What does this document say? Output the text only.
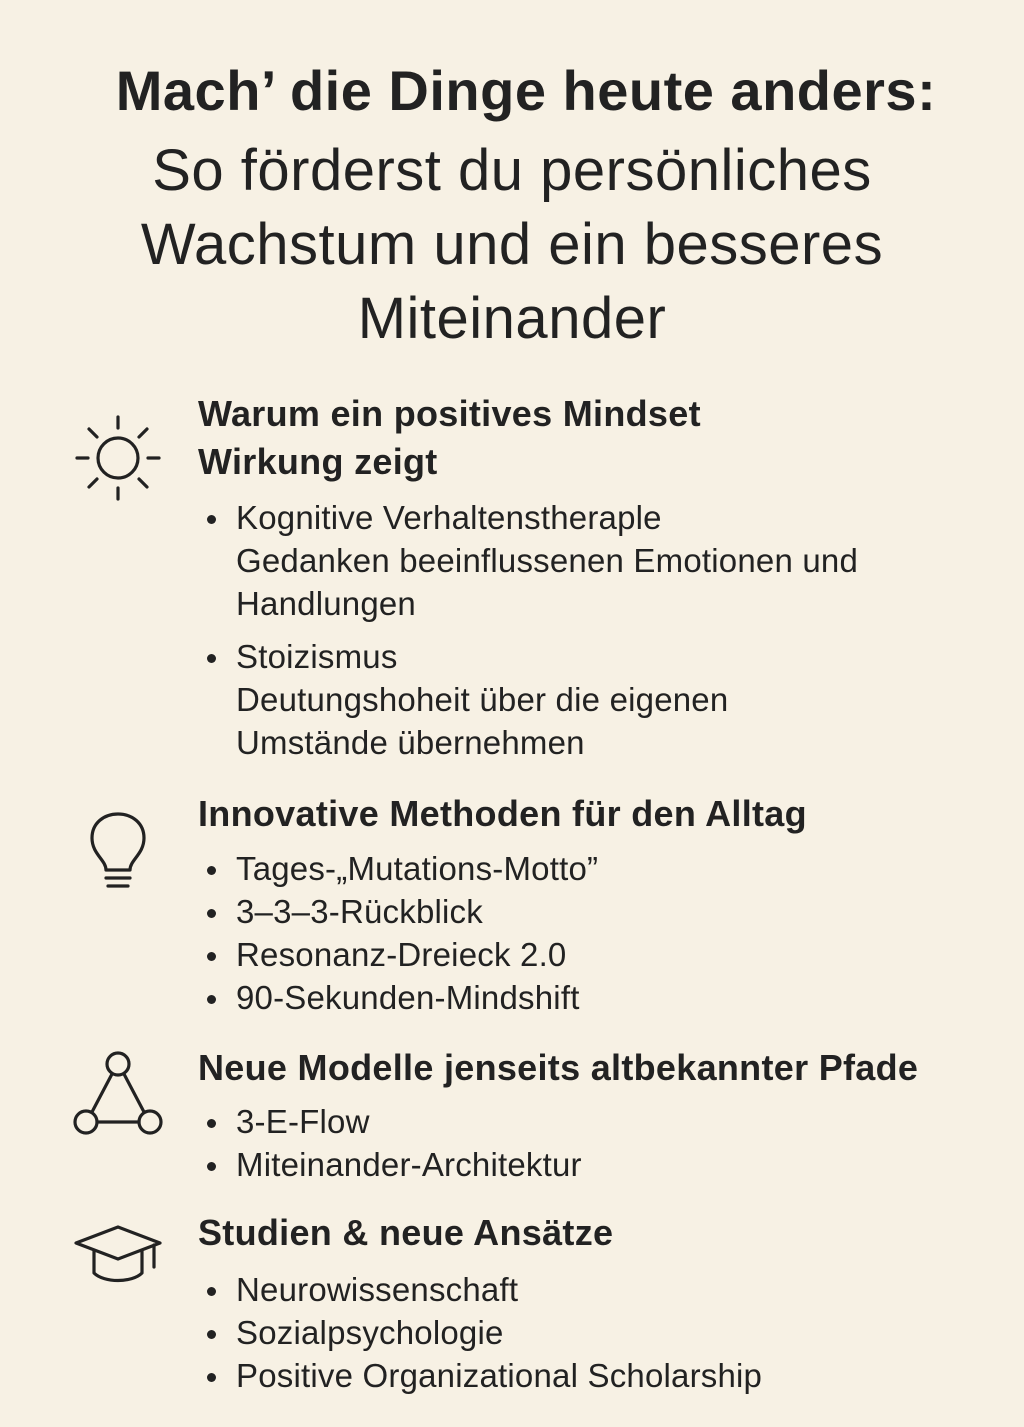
Mach’ die Dinge heute anders:
So förderst du persönliches
Wachstum und ein besseres
Miteinander
Warum ein positives Mindset
Wirkung zeigt
Kognitive Verhaltenstheraple
Gedanken beeinflussenen Emotionen und
Handlungen
Stoizismus
Deutungshoheit über die eigenen
Umstände übernehmen
Innovative Methoden für den Alltag
Tages-„Mutations-Motto”
3–3–3-Rückblick
Resonanz-Dreieck 2.0
90-Sekunden-Mindshift
Neue Modelle jenseits altbekannter Pfade
3-E-Flow
Miteinander-Architektur
Studien & neue Ansätze
Neurowissenschaft
Sozialpsychologie
Positive Organizational Scholarship
